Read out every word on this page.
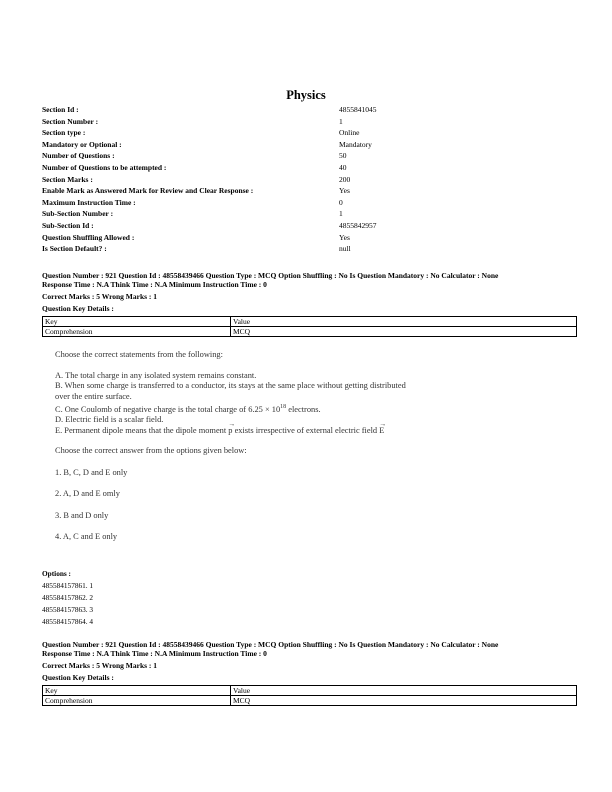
Physics
Section Id :	4855841045
Section Number :	1
Section type :	Online
Mandatory or Optional :	Mandatory
Number of Questions :	50
Number of Questions to be attempted :	40
Section Marks :	200
Enable Mark as Answered Mark for Review and Clear Response :	Yes
Maximum Instruction Time :	0
Sub-Section Number :	1
Sub-Section Id :	4855842957
Question Shuffling Allowed :	Yes
Is Section Default? :	null
Question Number : 921 Question Id : 48558439466 Question Type : MCQ Option Shuffling : No Is Question Mandatory : No Calculator : None
Response Time : N.A Think Time : N.A Minimum Instruction Time : 0
Correct Marks : 5 Wrong Marks : 1
Question Key Details :
Key	Value
Comprehension	MCQ

Choose the correct statements from the following:

A. The total charge in any isolated system remains constant.

B. When some charge is transferred to a conductor, its stays at the same place without getting distributed

over the entire surface.

C. One Coulomb of negative charge is the total charge of $6.25 \times 10^{18}$ electrons.

D. Electric field is a scalar field.

E. Permanent dipole means that the dipole moment → p exists irrespective of external electric field → E

Choose the correct answer from the options given below:

1. B, C, D and E only

2. A, D and E omly

3. B and D only

4. A, C and E only

Options :
485584157861. 1
485584157862. 2
485584157863. 3
485584157864. 4
Question Number : 921 Question Id : 48558439466 Question Type : MCQ Option Shuffling : No Is Question Mandatory : No Calculator : None
Response Time : N.A Think Time : N.A Minimum Instruction Time : 0
Correct Marks : 5 Wrong Marks : 1
Question Key Details :
Key	Value
Comprehension	MCQ
